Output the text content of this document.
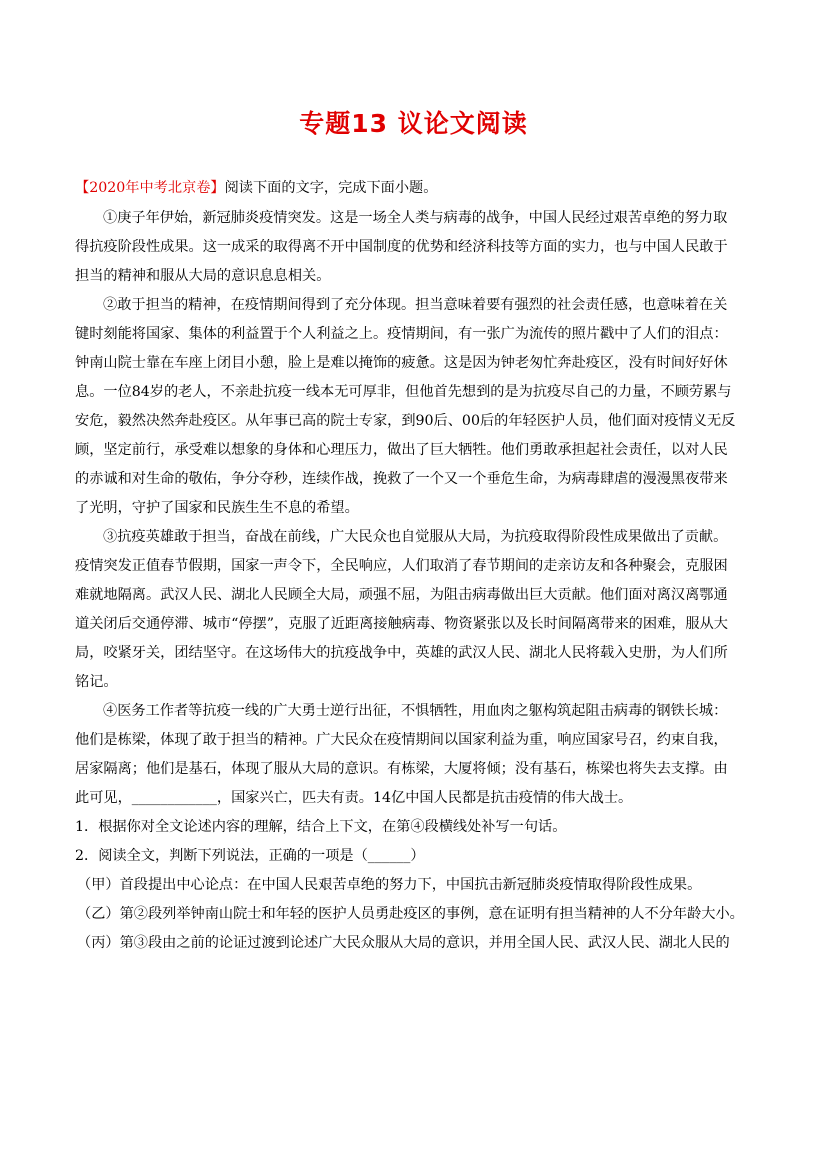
专题13 议论文阅读
【2020年中考北京卷】阅读下面的文字，完成下面小题。
①庚子年伊始，新冠肺炎疫情突发。这是一场全人类与病毒的战争，中国人民经过艰苦卓绝的努力取
得抗疫阶段性成果。这一成采的取得离不开中国制度的优势和经济科技等方面的实力，也与中国人民敢于
担当的精神和服从大局的意识息息相关。
②敢于担当的精神，在疫情期间得到了充分体现。担当意味着要有强烈的社会责任感，也意味着在关
键时刻能将国家、集体的利益置于个人利益之上。疫情期间，有一张广为流传的照片戳中了人们的泪点：
钟南山院士靠在车座上闭目小憩，脸上是难以掩饰的疲惫。这是因为钟老匆忙奔赴疫区，没有时间好好休
息。一位84岁的老人，不亲赴抗疫一线本无可厚非，但他首先想到的是为抗疫尽自己的力量，不顾劳累与
安危，毅然决然奔赴疫区。从年事已高的院士专家，到90后、00后的年轻医护人员，他们面对疫情义无反
顾，坚定前行，承受难以想象的身体和心理压力，做出了巨大牺牲。他们勇敢承担起社会责任，以对人民
的赤诚和对生命的敬佑，争分夺秒，连续作战，挽救了一个又一个垂危生命，为病毒肆虐的漫漫黑夜带来
了光明，守护了国家和民族生生不息的希望。
③抗疫英雄敢于担当，奋战在前线，广大民众也自觉服从大局，为抗疫取得阶段性成果做出了贡献。
疫情突发正值春节假期，国家一声令下，全民响应，人们取消了春节期间的走亲访友和各种聚会，克服困
难就地隔离。武汉人民、湖北人民顾全大局，顽强不屈，为阻击病毒做出巨大贡献。他们面对离汉离鄂通
道关闭后交通停滞、城市“停摆”，克服了近距离接触病毒、物资紧张以及长时间隔离带来的困难，服从大
局，咬紧牙关，团结坚守。在这场伟大的抗疫战争中，英雄的武汉人民、湖北人民将载入史册，为人们所
铭记。
④医务工作者等抗疫一线的广大勇士逆行出征，不惧牺牲，用血肉之躯构筑起阻击病毒的钢铁长城：
他们是栋梁，体现了敢于担当的精神。广大民众在疫情期间以国家利益为重，响应国家号召，约束自我，
居家隔离；他们是基石，体现了服从大局的意识。有栋梁，大厦将倾；没有基石，栋梁也将失去支撑。由
此可见，____________，国家兴亡，匹夫有责。14亿中国人民都是抗击疫情的伟大战士。
1．根据你对全文论述内容的理解，结合上下文，在第④段横线处补写一句话。
2．阅读全文，判断下列说法，正确的一项是（______）
（甲）首段提出中心论点：在中国人民艰苦卓绝的努力下，中国抗击新冠肺炎疫情取得阶段性成果。
（乙）第②段列举钟南山院士和年轻的医护人员勇赴疫区的事例，意在证明有担当精神的人不分年龄大小。
（丙）第③段由之前的论证过渡到论述广大民众服从大局的意识，并用全国人民、武汉人民、湖北人民的
